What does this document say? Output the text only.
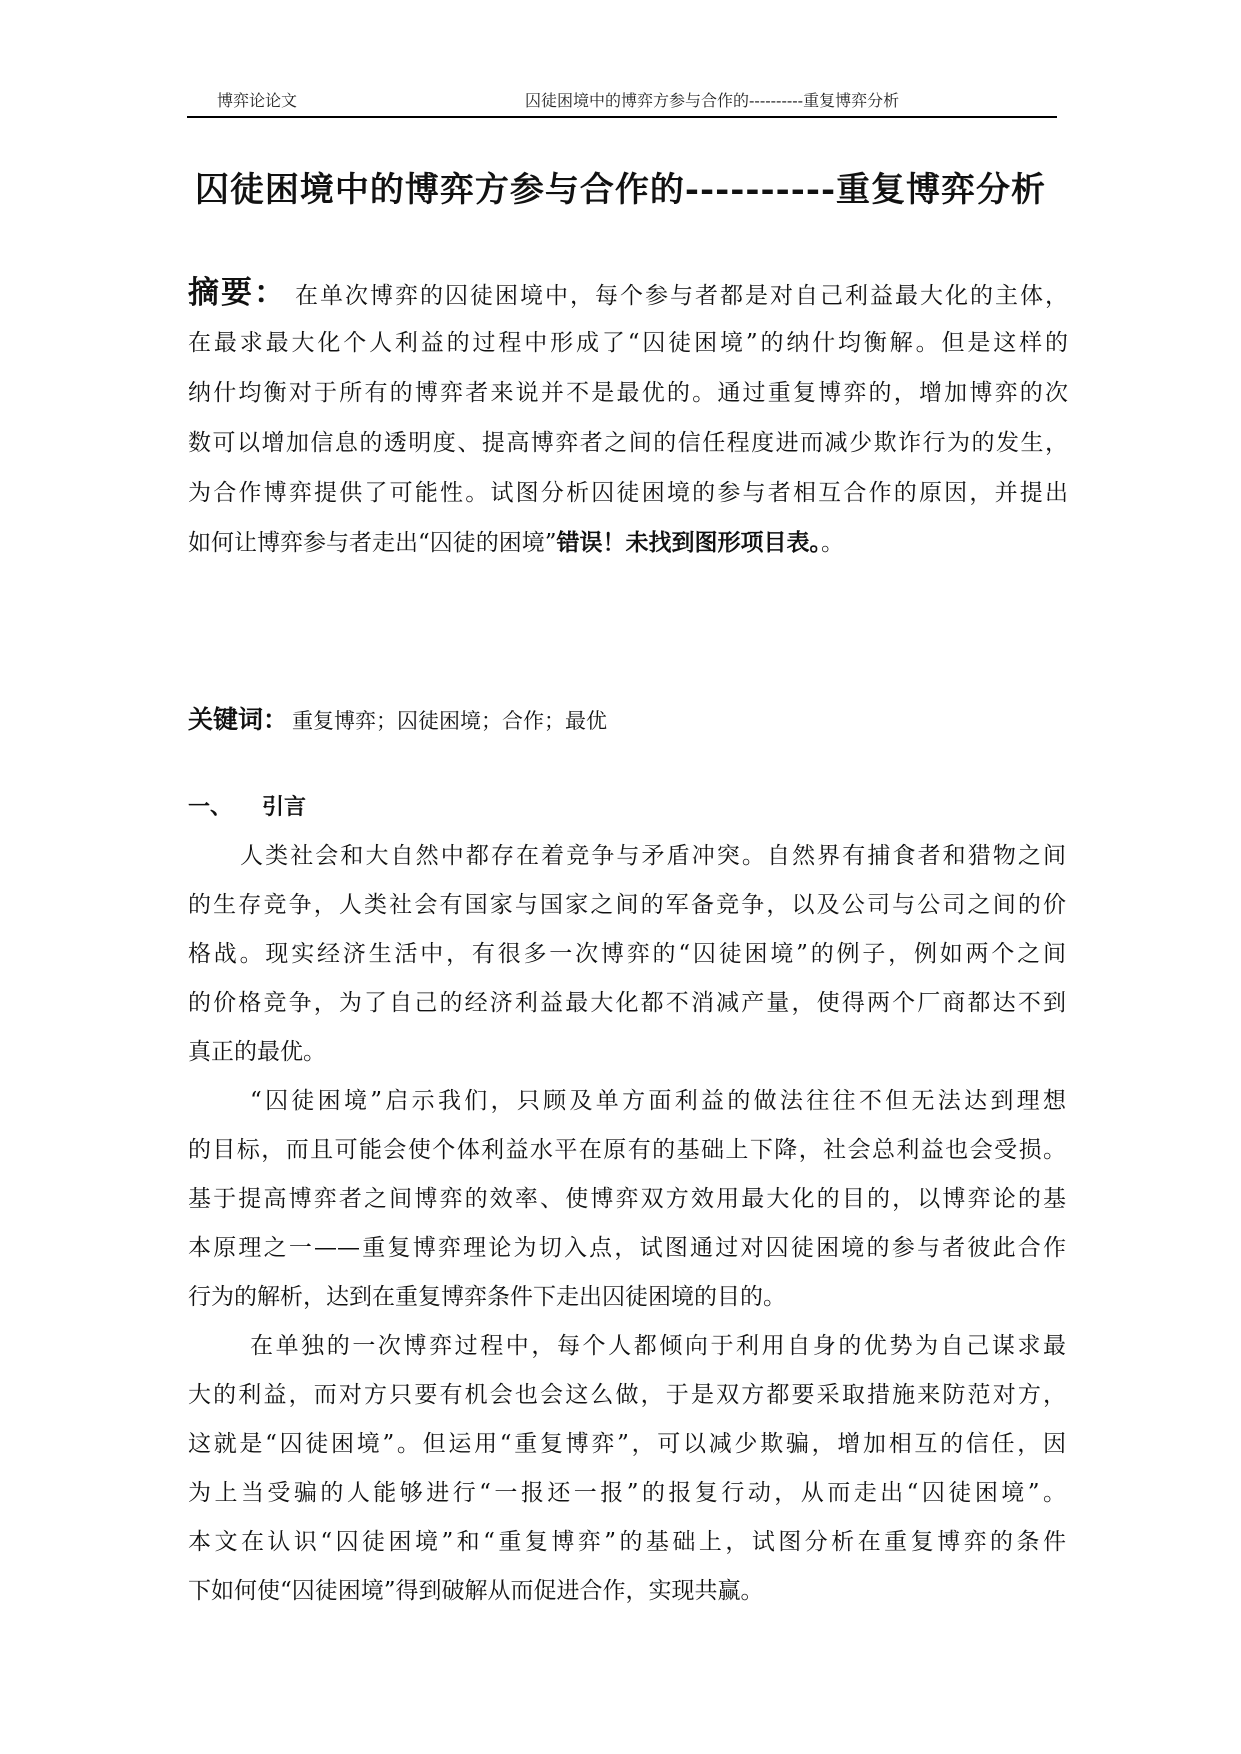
博弈论论文	囚徒困境中的博弈方参与合作的----------重复博弈分析
囚徒困境中的博弈方参与合作的----------重复博弈分析
摘要： 在单次博弈的囚徒困境中，每个参与者都是对自己利益最大化的主体，
在最求最大化个人利益的过程中形成了“囚徒困境”的纳什均衡解。但是这样的
纳什均衡对于所有的博弈者来说并不是最优的。通过重复博弈的，增加博弈的次
数可以增加信息的透明度、提高博弈者之间的信任程度进而减少欺诈行为的发生，
为合作博弈提供了可能性。试图分析囚徒困境的参与者相互合作的原因，并提出
如何让博弈参与者走出“囚徒的困境”错误！未找到图形项目表。。
关键词： 重复博弈；囚徒困境；合作；最优
一、 引言
人类社会和大自然中都存在着竞争与矛盾冲突。自然界有捕食者和猎物之间
的生存竞争，人类社会有国家与国家之间的军备竞争，以及公司与公司之间的价
格战。现实经济生活中，有很多一次博弈的“囚徒困境”的例子，例如两个之间
的价格竞争，为了自己的经济利益最大化都不消减产量，使得两个厂商都达不到
真正的最优。
“囚徒困境”启示我们，只顾及单方面利益的做法往往不但无法达到理想
的目标，而且可能会使个体利益水平在原有的基础上下降，社会总利益也会受损。
基于提高博弈者之间博弈的效率、使博弈双方效用最大化的目的，以博弈论的基
本原理之一——重复博弈理论为切入点，试图通过对囚徒困境的参与者彼此合作
行为的解析，达到在重复博弈条件下走出囚徒困境的目的。
在单独的一次博弈过程中，每个人都倾向于利用自身的优势为自己谋求最
大的利益，而对方只要有机会也会这么做，于是双方都要采取措施来防范对方，
这就是“囚徒困境”。但运用“重复博弈”，可以减少欺骗，增加相互的信任，因
为上当受骗的人能够进行“一报还一报”的报复行动，从而走出“囚徒困境”。
本文在认识“囚徒困境”和“重复博弈”的基础上，试图分析在重复博弈的条件
下如何使“囚徒困境”得到破解从而促进合作，实现共赢。
